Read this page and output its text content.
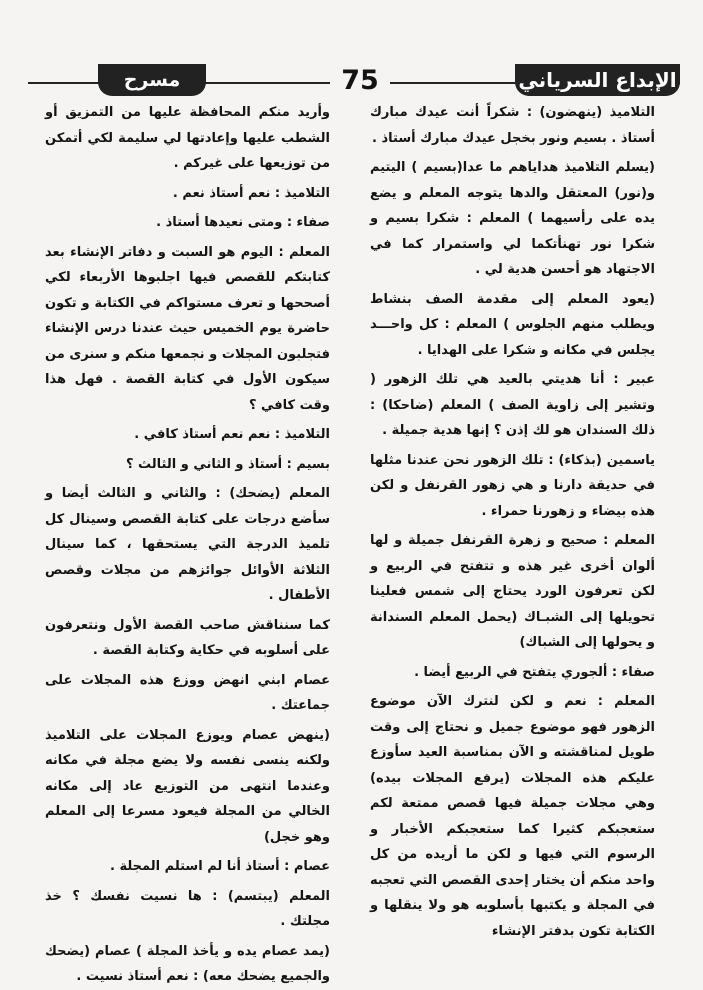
مسرح	75	الإبداع السرياني

التلاميذ (ينهضون) : شكراً أنت عيدك مبارك أستاذ . بسيم ونور بخجل عيدك مبارك أستاذ .

(يسلم التلاميذ هداياهم ما عدا(بسيم ) اليتيم و(نور) المعتقل والدها يتوجه المعلم و يضع يده على رأسيهما ) المعلم : شكرا بسيم و شكرا نور تهنأتكما لي واستمرار كما في الاجتهاد هو أحسن هدية لي .

(يعود المعلم إلى مقدمة الصف بنشاط ويطلب منهم الجلوس ) المعلم : كل واحـــد يجلس في مكانه و شكرا على الهدايا .

عبير : أنا هديتي بالعيد هي تلك الزهور ( وتشير إلى زاوية الصف ) المعلم (ضاحكا) : ذلك السندان هو لك إذن ؟ إنها هدية جميلة .

ياسمين (بذكاء) : تلك الزهور نحن عندنا مثلها في حديقة دارنا و هي زهور القرنفل و لكن هذه بيضاء و زهورنا حمراء .

المعلم : صحيح و زهرة القرنفل جميلة و لها ألوان أخرى غير هذه و تتفتح في الربيع و لكن تعرفون الورد يحتاج إلى شمس فعلينا تحويلها إلى الشبـاك (يحمل المعلم السندانة و يحولها إلى الشباك)

صفاء : ألجوري يتفتح في الربيع أيضا .

المعلم : نعم و لكن لنترك الآن موضوع الزهور فهو موضوع جميل و نحتاج إلى وقت طويل لمناقشته و الآن بمناسبة العيد سأوزع عليكم هذه المجلات (يرفع المجلات بيده) وهي مجلات جميلة فيها قصص ممتعة لكم ستعجبكم كثيرا كما ستعجبكم الأخبار و الرسوم التي فيها و لكن ما أريده من كل واحد منكم أن يختار إحدى القصص التي تعجبه في المجلة و يكتبها بأسلوبه هو ولا ينقلها و الكتابة تكون بدفتر الإنشاء

وأريد منكم المحافظة عليها من التمزيق أو الشطب عليها وإعادتها لي سليمة لكي أتمكن من توزيعها على غيركم .

التلاميذ : نعم أستاذ نعم .

صفاء : ومتى نعيدها أستاذ .

المعلم : اليوم هو السبت و دفاتر الإنشاء بعد كتابتكم للقصص فيها اجلبوها الأربعاء لكي أصححها و تعرف مستواكم في الكتابة و تكون حاضرة يوم الخميس حيث عندنا درس الإنشاء فتجلبون المجلات و نجمعها منكم و سنرى من سيكون الأول في كتابة القصة . فهل هذا وقت كافي ؟

التلاميذ : نعم نعم أستاذ كافي .

بسيم : أستاذ و الثاني و الثالث ؟

المعلم (يضحك) : والثاني و الثالث أيضا و سأضع درجات على كتابة القصص وسينال كل تلميذ الدرجة التي يستحقها ، كما سينال الثلاثة الأوائل جوائزهم من مجلات وقصص الأطفال .

كما سنناقش صاحب القصة الأول ونتعرفون على أسلوبه في حكاية وكتابة القصة .

عصام ابني انهض ووزع هذه المجلات على جماعتك .

(ينهض عصام ويوزع المجلات على التلاميذ ولكنه ينسى نفسه ولا يضع مجلة في مكانه وعندما انتهى من التوزيع عاد إلى مكانه الخالي من المجلة فيعود مسرعا إلى المعلم وهو خجل)

عصام : أستاذ أنا لم استلم المجلة .

المعلم (يبتسم) : ها نسيت نفسك ؟ خذ مجلتك .

(يمد عصام يده و يأخذ المجلة ) عصام (يضحك والجميع يضحك معه) : نعم أستاذ نسيت .
